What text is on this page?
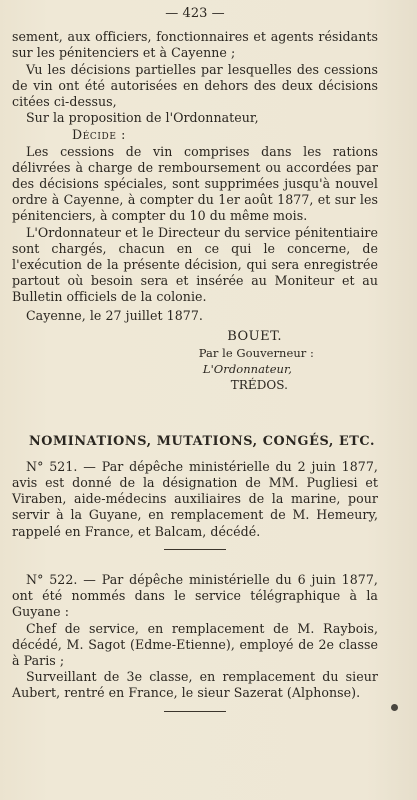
— 423 —

sement, aux officiers, fonctionnaires et agents résidants sur les pénitenciers et à Cayenne ;

Vu les décisions partielles par lesquelles des cessions de vin ont été autorisées en dehors des deux décisions citées ci-dessus,

Sur la proposition de l'Ordonnateur,

Décide :

Les cessions de vin comprises dans les rations délivrées à charge de remboursement ou accordées par des décisions spéciales, sont supprimées jusqu'à nouvel ordre à Cayenne, à compter du 1er août 1877, et sur les pénitenciers, à compter du 10 du même mois.

L'Ordonnateur et le Directeur du service pénitentiaire sont chargés, chacun en ce qui le concerne, de l'exécution de la présente décision, qui sera enregistrée partout où besoin sera et insérée au Moniteur et au Bulletin officiels de la colonie.

Cayenne, le 27 juillet 1877.

BOUET.
Par le Gouverneur :
L'Ordonnateur,
TRÉDOS.
NOMINATIONS, MUTATIONS, CONGÉS, ETC.

N° 521. — Par dépêche ministérielle du 2 juin 1877, avis est donné de la désignation de MM. Pugliesi et Viraben, aide-médecins auxiliaires de la marine, pour servir à la Guyane, en remplacement de M. Hemeury, rappelé en France, et Balcam, décédé.

N° 522. — Par dépêche ministérielle du 6 juin 1877, ont été nommés dans le service télégraphique à la Guyane :

Chef de service, en remplacement de M. Raybois, décédé, M. Sagot (Edme-Etienne), employé de 2e classe à Paris ;

Surveillant de 3e classe, en remplacement du sieur Aubert, rentré en France, le sieur Sazerat (Alphonse).
